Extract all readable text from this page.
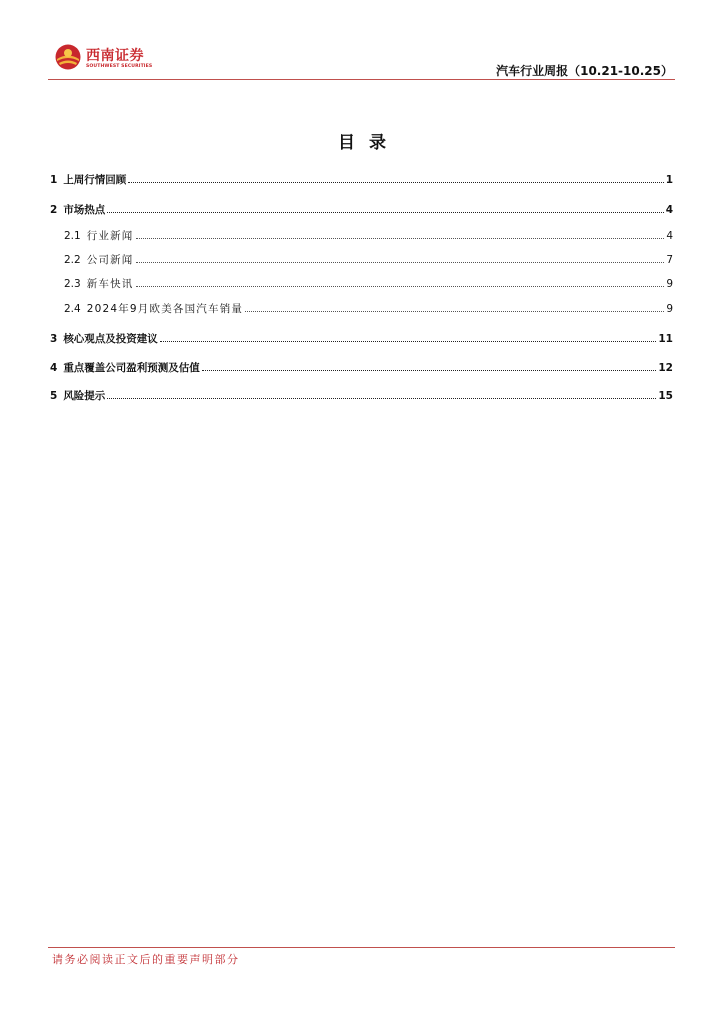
西南证券
SOUTHWEST SECURITIES	汽车行业周报（10.21-10.25）
目录
1 上周行情回顾	1
2 市场热点	4
2.1 行业新闻	4
2.2 公司新闻	7
2.3 新车快讯	9
2.4 2024年9月欧美各国汽车销量	9
3 核心观点及投资建议	11
4 重点覆盖公司盈利预测及估值	12
5 风险提示	15
请务必阅读正文后的重要声明部分
